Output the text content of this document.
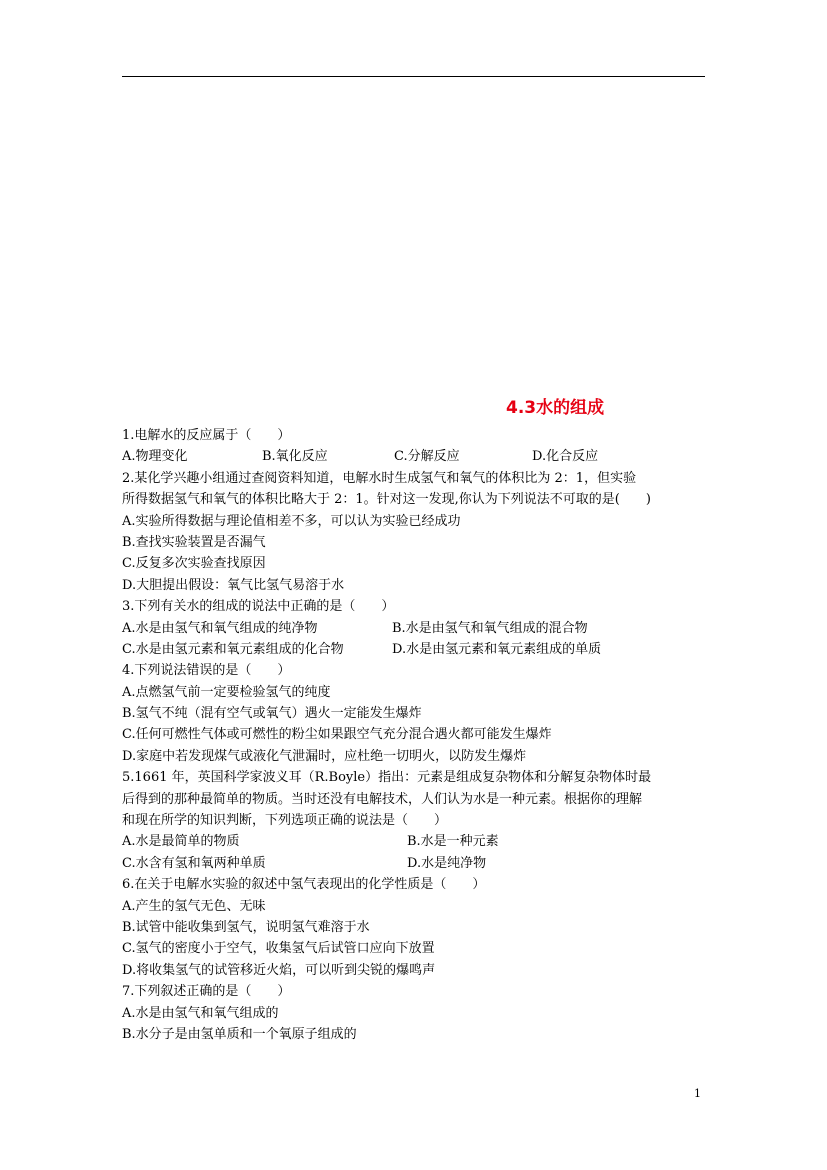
4.3水的组成
1.电解水的反应属于（　　）
A.物理变化	B.氧化反应	C.分解反应	D.化合反应
2.某化学兴趣小组通过查阅资料知道，电解水时生成氢气和氧气的体积比为 2：1，但实验
所得数据氢气和氧气的体积比略大于 2：1。针对这一发现,你认为下列说法不可取的是(　　)
A.实验所得数据与理论值相差不多，可以认为实验已经成功
B.查找实验装置是否漏气
C.反复多次实验查找原因
D.大胆提出假设：氧气比氢气易溶于水
3.下列有关水的组成的说法中正确的是（　　）
A.水是由氢气和氧气组成的纯净物	B.水是由氢气和氧气组成的混合物
C.水是由氢元素和氧元素组成的化合物	D.水是由氢元素和氧元素组成的单质
4.下列说法错误的是（　　）
A.点燃氢气前一定要检验氢气的纯度
B.氢气不纯（混有空气或氧气）遇火一定能发生爆炸
C.任何可燃性气体或可燃性的粉尘如果跟空气充分混合遇火都可能发生爆炸
D.家庭中若发现煤气或液化气泄漏时，应杜绝一切明火，以防发生爆炸
5.1661 年，英国科学家波义耳（R.Boyle）指出：元素是组成复杂物体和分解复杂物体时最
后得到的那种最简单的物质。当时还没有电解技术，人们认为水是一种元素。根据你的理解
和现在所学的知识判断，下列选项正确的说法是（　　）
A.水是最简单的物质	B.水是一种元素
C.水含有氢和氧两种单质	D.水是纯净物
6.在关于电解水实验的叙述中氢气表现出的化学性质是（　　）
A.产生的氢气无色、无味
B.试管中能收集到氢气，说明氢气难溶于水
C.氢气的密度小于空气，收集氢气后试管口应向下放置
D.将收集氢气的试管移近火焰，可以听到尖锐的爆鸣声
7.下列叙述正确的是（　　）
A.水是由氢气和氧气组成的
B.水分子是由氢单质和一个氧原子组成的
1
